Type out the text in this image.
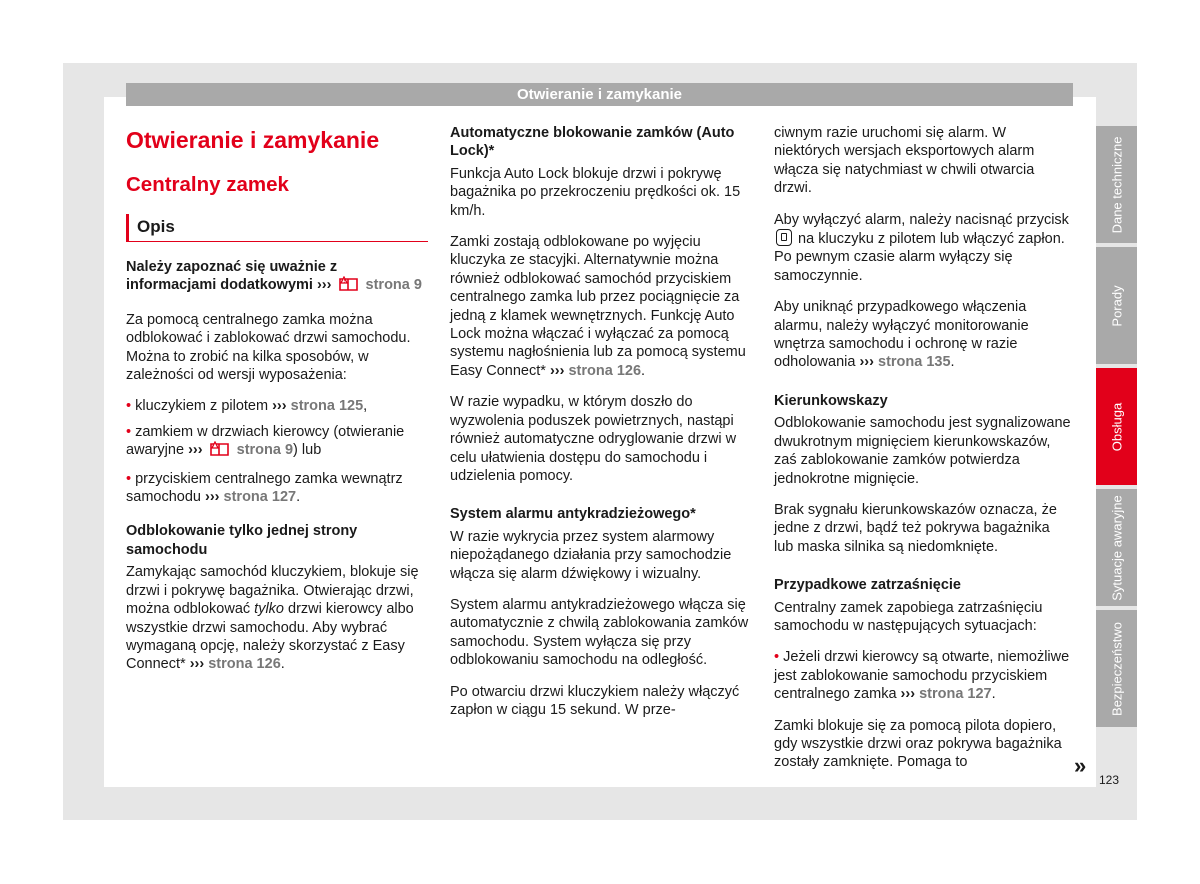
Otwieranie i zamykanie
Otwieranie i zamykanie
Centralny zamek
Opis

Należy zapoznać się uważnie z informacjami dodatkowymi ››› ! strona 9

Za pomocą centralnego zamka można odblokować i zablokować drzwi samochodu. Można to zrobić na kilka sposobów, w zależności od wersji wyposażenia:

• kluczykiem z pilotem ››› strona 125,
• zamkiem w drzwiach kierowcy (otwieranie awaryjne ››› strona 9) lub
• przyciskiem centralnego zamka wewnątrz samochodu ››› strona 127.
Odblokowanie tylko jednej strony samochodu

Zamykając samochód kluczykiem, blokuje się drzwi i pokrywę bagażnika. Otwierając drzwi, można odblokować tylko drzwi kierowcy albo wszystkie drzwi samochodu. Aby wybrać wymaganą opcję, należy skorzystać z Easy Connect* ››› strona 126.

Automatyczne blokowanie zamków (Auto Lock)*

Funkcja Auto Lock blokuje drzwi i pokrywę bagażnika po przekroczeniu prędkości ok. 15 km/h.

Zamki zostają odblokowane po wyjęciu kluczyka ze stacyjki. Alternatywnie można również odblokować samochód przyciskiem centralnego zamka lub przez pociągnięcie za jedną z klamek wewnętrznych. Funkcję Auto Lock można włączać i wyłączać za pomocą systemu nagłośnienia lub za pomocą systemu Easy Connect* ››› strona 126.

W razie wypadku, w którym doszło do wyzwolenia poduszek powietrznych, nastąpi również automatyczne odryglowanie drzwi w celu ułatwienia dostępu do samochodu i udzielenia pomocy.

System alarmu antykradzieżowego*

W razie wykrycia przez system alarmowy niepożądanego działania przy samochodzie włącza się alarm dźwiękowy i wizualny.

System alarmu antykradzieżowego włącza się automatycznie z chwilą zablokowania zamków samochodu. System wyłącza się przy odblokowaniu samochodu na odległość.

Po otwarciu drzwi kluczykiem należy włączyć zapłon w ciągu 15 sekund. W prze-

ciwnym razie uruchomi się alarm. W niektórych wersjach eksportowych alarm włącza się natychmiast w chwili otwarcia drzwi.

Aby wyłączyć alarm, należy nacisnąć przycisk  na kluczyku z pilotem lub włączyć zapłon. Po pewnym czasie alarm wyłączy się samoczynnie.

Aby uniknąć przypadkowego włączenia alarmu, należy wyłączyć monitorowanie wnętrza samochodu i ochronę w razie odholowania ››› strona 135.

Kierunkowskazy

Odblokowanie samochodu jest sygnalizowane dwukrotnym mignięciem kierunkowskazów, zaś zablokowanie zamków potwierdza jednokrotne mignięcie.

Brak sygnału kierunkowskazów oznacza, że jedne z drzwi, bądź też pokrywa bagażnika lub maska silnika są niedomknięte.

Przypadkowe zatrzaśnięcie

Centralny zamek zapobiega zatrzaśnięciu samochodu w następujących sytuacjach:

• Jeżeli drzwi kierowcy są otwarte, niemożliwe jest zablokowanie samochodu przyciskiem centralnego zamka ››› strona 127.

Zamki blokuje się za pomocą pilota dopiero, gdy wszystkie drzwi oraz pokrywa bagażnika zostały zamknięte. Pomaga to	»
Dane techniczne
Porady
Obsługa
Sytuacje awaryjne
Bezpieczeństwo
123
